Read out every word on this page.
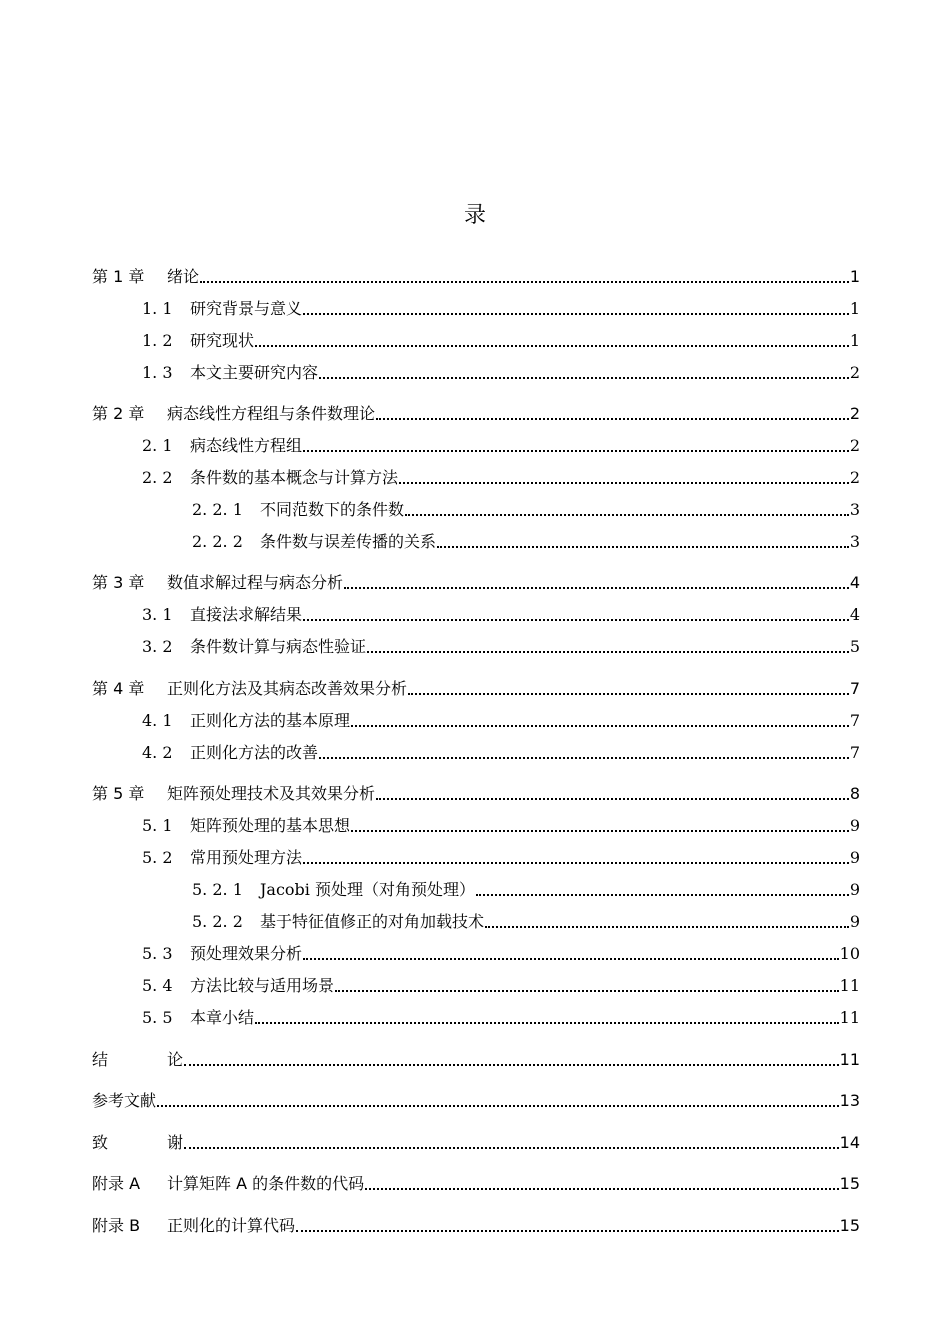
录
第 1 章	绪论	1
1. 1	研究背景与意义	1
1. 2	研究现状	1
1. 3	本文主要研究内容	2
第 2 章	病态线性方程组与条件数理论	2
2. 1	病态线性方程组	2
2. 2	条件数的基本概念与计算方法	2
2. 2. 1	不同范数下的条件数	3
2. 2. 2	条件数与误差传播的关系	3
第 3 章	数值求解过程与病态分析	4
3. 1	直接法求解结果	4
3. 2	条件数计算与病态性验证	5
第 4 章	正则化方法及其病态改善效果分析	7
4. 1	正则化方法的基本原理	7
4. 2	正则化方法的改善	7
第 5 章	矩阵预处理技术及其效果分析	8
5. 1	矩阵预处理的基本思想	9
5. 2	常用预处理方法	9
5. 2. 1	Jacobi 预处理（对角预处理）	9
5. 2. 2	基于特征值修正的对角加载技术	9
5. 3	预处理效果分析	10
5. 4	方法比较与适用场景	11
5. 5	本章小结	11
结	论	11
参考文献	13
致	谢	14
附录 A	计算矩阵 A 的条件数的代码	15
附录 B	正则化的计算代码	15
